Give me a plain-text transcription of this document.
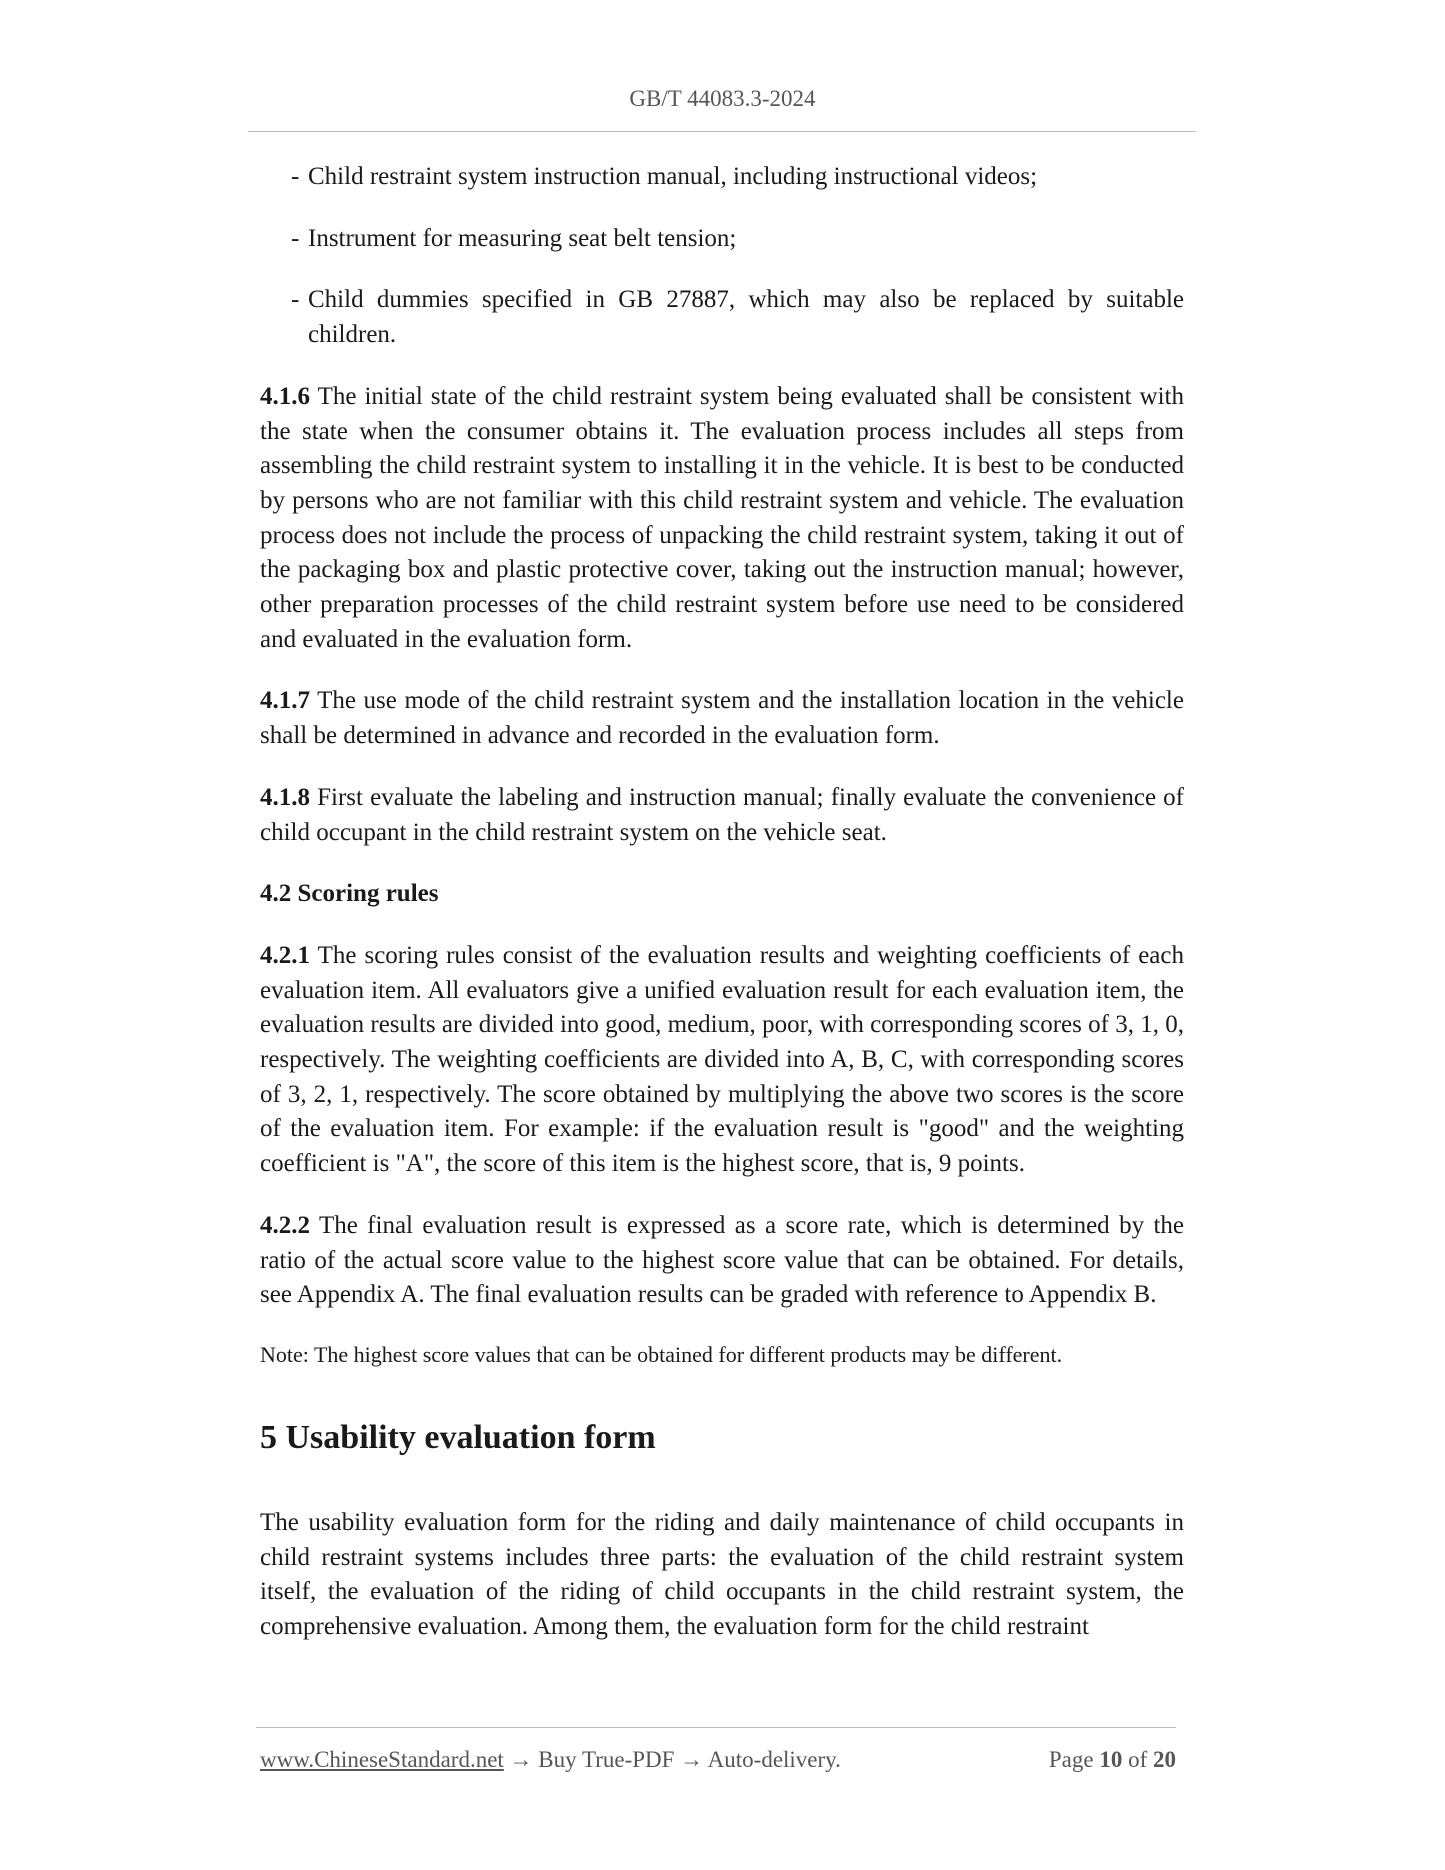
GB/T 44083.3-2024

- Child restraint system instruction manual, including instructional videos;

- Instrument for measuring seat belt tension;

- Child dummies specified in GB 27887, which may also be replaced by suitable children.

4.1.6 The initial state of the child restraint system being evaluated shall be consistent with the state when the consumer obtains it. The evaluation process includes all steps from assembling the child restraint system to installing it in the vehicle. It is best to be conducted by persons who are not familiar with this child restraint system and vehicle. The evaluation process does not include the process of unpacking the child restraint system, taking it out of the packaging box and plastic protective cover, taking out the instruction manual; however, other preparation processes of the child restraint system before use need to be considered and evaluated in the evaluation form.

4.1.7 The use mode of the child restraint system and the installation location in the vehicle shall be determined in advance and recorded in the evaluation form.

4.1.8 First evaluate the labeling and instruction manual; finally evaluate the convenience of child occupant in the child restraint system on the vehicle seat.

4.2 Scoring rules

4.2.1 The scoring rules consist of the evaluation results and weighting coefficients of each evaluation item. All evaluators give a unified evaluation result for each evaluation item, the evaluation results are divided into good, medium, poor, with corresponding scores of 3, 1, 0, respectively. The weighting coefficients are divided into A, B, C, with corresponding scores of 3, 2, 1, respectively. The score obtained by multiplying the above two scores is the score of the evaluation item. For example: if the evaluation result is "good" and the weighting coefficient is "A", the score of this item is the highest score, that is, 9 points.

4.2.2 The final evaluation result is expressed as a score rate, which is determined by the ratio of the actual score value to the highest score value that can be obtained. For details, see Appendix A. The final evaluation results can be graded with reference to Appendix B.

Note: The highest score values that can be obtained for different products may be different.

5 Usability evaluation form

The usability evaluation form for the riding and daily maintenance of child occupants in child restraint systems includes three parts: the evaluation of the child restraint system itself, the evaluation of the riding of child occupants in the child restraint system, the comprehensive evaluation. Among them, the evaluation form for the child restraint

www.ChineseStandard.net → Buy True-PDF → Auto-delivery.	Page 10 of 20
